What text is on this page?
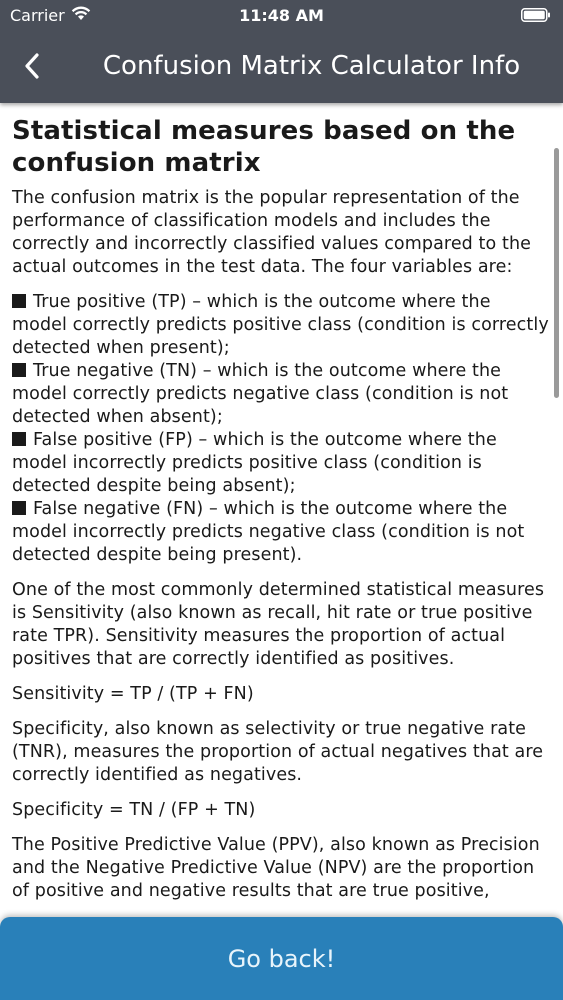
Carrier	11:48 AM
Confusion Matrix Calculator Info
Statistical measures based on the confusion matrix

The confusion matrix is the popular representation of the performance of classification models and includes the correctly and incorrectly classified values compared to the actual outcomes in the test data. The four variables are:

True positive (TP) – which is the outcome where the model correctly predicts positive class (condition is correctly detected when present);
True negative (TN) – which is the outcome where the model correctly predicts negative class (condition is not detected when absent);
False positive (FP) – which is the outcome where the model incorrectly predicts positive class (condition is detected despite being absent);
False negative (FN) – which is the outcome where the model incorrectly predicts negative class (condition is not detected despite being present).

One of the most commonly determined statistical measures is Sensitivity (also known as recall, hit rate or true positive rate TPR). Sensitivity measures the proportion of actual positives that are correctly identified as positives.

Sensitivity = TP / (TP + FN)

Specificity, also known as selectivity or true negative rate (TNR), measures the proportion of actual negatives that are correctly identified as negatives.

Specificity = TN / (FP + TN)

The Positive Predictive Value (PPV), also known as Precision and the Negative Predictive Value (NPV) are the proportion of positive and negative results that are true positive,

Go back!
